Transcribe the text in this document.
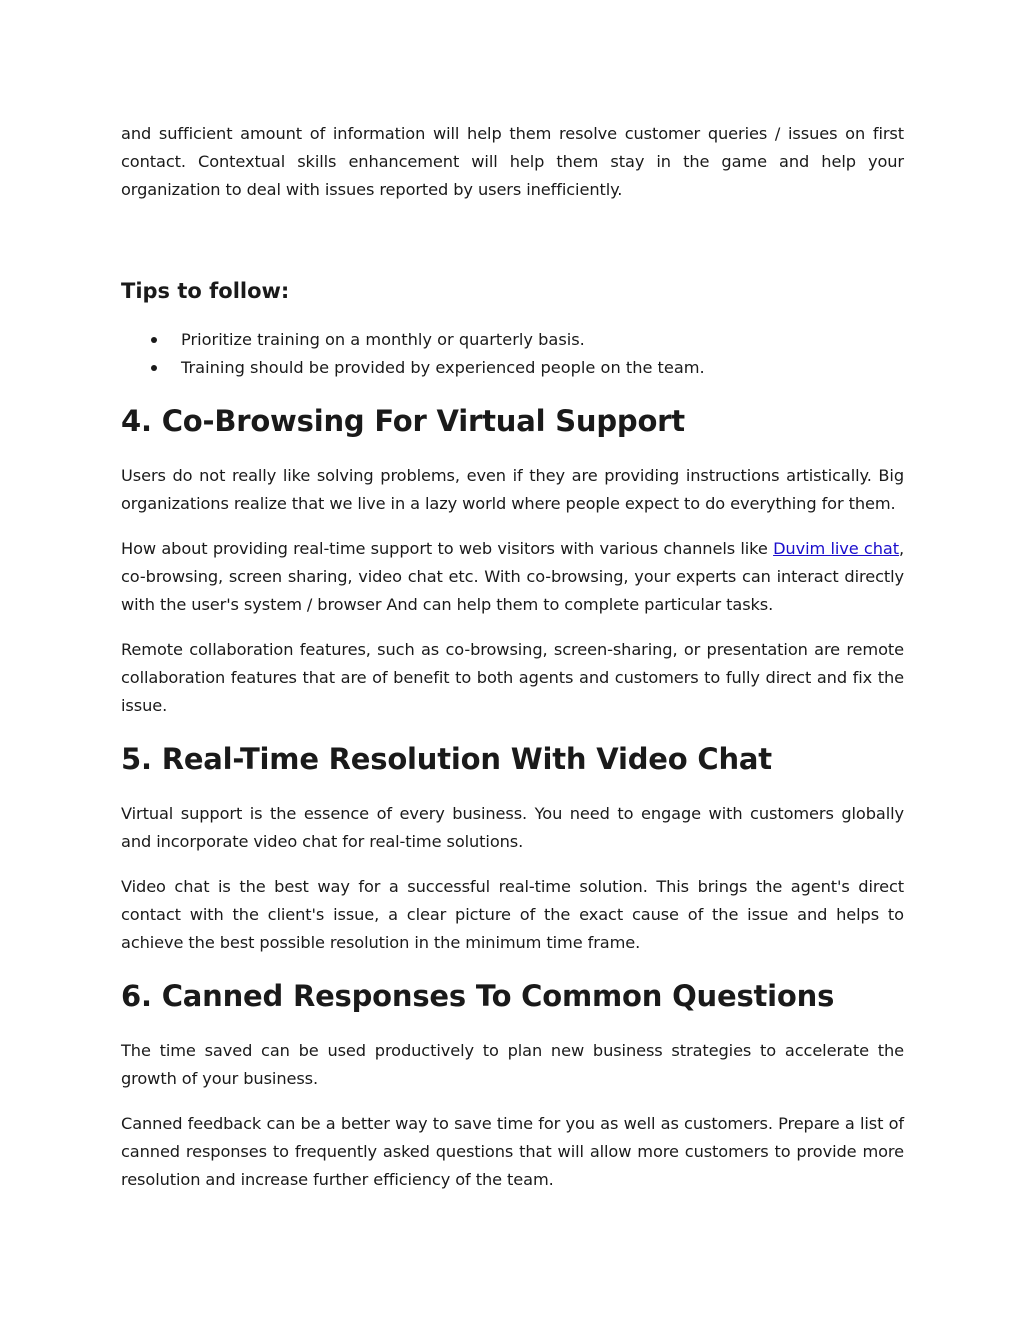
and sufficient amount of information will help them resolve customer queries / issues on first contact. Contextual skills enhancement will help them stay in the game and help your organization to deal with issues reported by users inefficiently.

Tips to follow:
Prioritize training on a monthly or quarterly basis.
Training should be provided by experienced people on the team.
4. Co-Browsing For Virtual Support

Users do not really like solving problems, even if they are providing instructions artistically. Big organizations realize that we live in a lazy world where people expect to do everything for them.

How about providing real-time support to web visitors with various channels like Duvim live chat, co-browsing, screen sharing, video chat etc. With co-browsing, your experts can interact directly with the user's system / browser And can help them to complete particular tasks.

Remote collaboration features, such as co-browsing, screen-sharing, or presentation are remote collaboration features that are of benefit to both agents and customers to fully direct and fix the issue.

5. Real-Time Resolution With Video Chat

Virtual support is the essence of every business. You need to engage with customers globally and incorporate video chat for real-time solutions.

Video chat is the best way for a successful real-time solution. This brings the agent's direct contact with the client's issue, a clear picture of the exact cause of the issue and helps to achieve the best possible resolution in the minimum time frame.

6. Canned Responses To Common Questions

The time saved can be used productively to plan new business strategies to accelerate the growth of your business.

Canned feedback can be a better way to save time for you as well as customers. Prepare a list of canned responses to frequently asked questions that will allow more customers to provide more resolution and increase further efficiency of the team.
